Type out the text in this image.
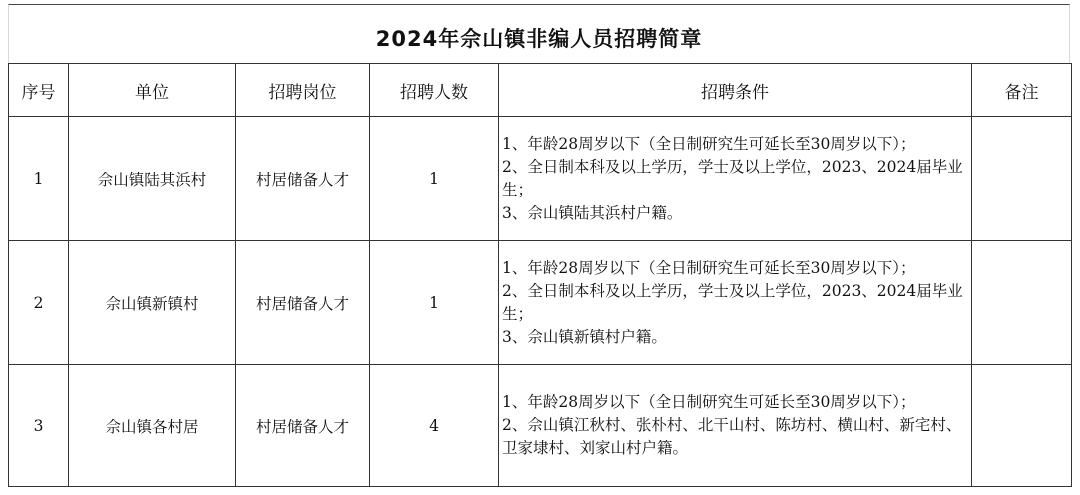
2024年佘山镇非编人员招聘简章
序号	单位	招聘岗位	招聘人数	招聘条件	备注
1	佘山镇陆其浜村	村居储备人才	1	1、年龄28周岁以下（全日制研究生可延长至30周岁以下）；
2、全日制本科及以上学历，学士及以上学位，2023、2024届毕业生；
3、佘山镇陆其浜村户籍。	

2	佘山镇新镇村	村居储备人才	1	1、年龄28周岁以下（全日制研究生可延长至30周岁以下）；
2、全日制本科及以上学历，学士及以上学位，2023、2024届毕业生；
3、佘山镇新镇村户籍。	

3	佘山镇各村居	村居储备人才	4	1、年龄28周岁以下（全日制研究生可延长至30周岁以下）；
2、佘山镇江秋村、张朴村、北干山村、陈坊村、横山村、新宅村、卫家埭村、刘家山村户籍。	
